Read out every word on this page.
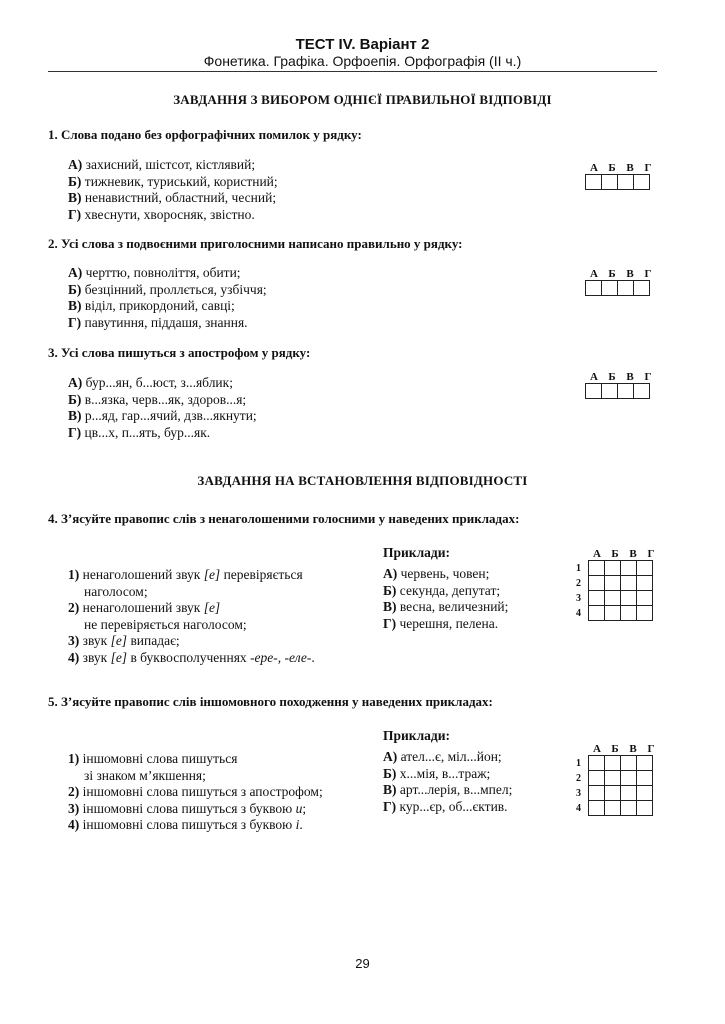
ТЕСТ IV. Варіант 2
Фонетика. Графіка. Орфоепія. Орфографія (ІІ ч.)
ЗАВДАННЯ З ВИБОРОМ ОДНІЄЇ ПРАВИЛЬНОЇ ВІДПОВІДІ
1. Слова подано без орфографічних помилок у рядку:
А) захисний, шістсот, кістлявий;
Б) тижневик, туриський, користний;
В) ненавистний, областний, чесний;
Г) хвеснути, хворосняк, звістно.
А Б В Г

2. Усі слова з подвоєними приголосними написано правильно у рядку:
А) черттю, повноліття, обити;
Б) безцінний, проллється, узбіччя;
В) віділ, прикордоний, савці;
Г) павутиння, піддашя, знання.
А Б В Г

3. Усі слова пишуться з апострофом у рядку:
А) бур...ян, б...юст, з...яблик;
Б) в...язка, черв...як, здоров...я;
В) р...яд, гар...ячий, дзв...якнути;
Г) цв...х, п...ять, бур...як.
А Б В Г

ЗАВДАННЯ НА ВСТАНОВЛЕННЯ ВІДПОВІДНОСТІ
4. З’ясуйте правопис слів з ненаголошеними голосними у наведених прикладах:
Приклади:
1) ненаголошений звук [е] перевіряється
наголосом;
2) ненаголошений звук [е]
не перевіряється наголосом;
3) звук [е] випадає;
4) звук [е] в буквосполученнях -ере-, -еле-.
А) червень, човен;
Б) секунда, депутат;
В) весна, величезний;
Г) черешня, пелена.
А Б В Г
1				
2				
3				
4				
5. З’ясуйте правопис слів іншомовного походження у наведених прикладах:
Приклади:
1) іншомовні слова пишуться
зі знаком м’якшення;
2) іншомовні слова пишуться з апострофом;
3) іншомовні слова пишуться з буквою и;
4) іншомовні слова пишуться з буквою і.
А) ател...є, міл...йон;
Б) х...мія, в...траж;
В) арт...лерія, в...мпел;
Г) кур...єр, об...єктив.
А Б В Г
1				
2				
3				
4				
29
